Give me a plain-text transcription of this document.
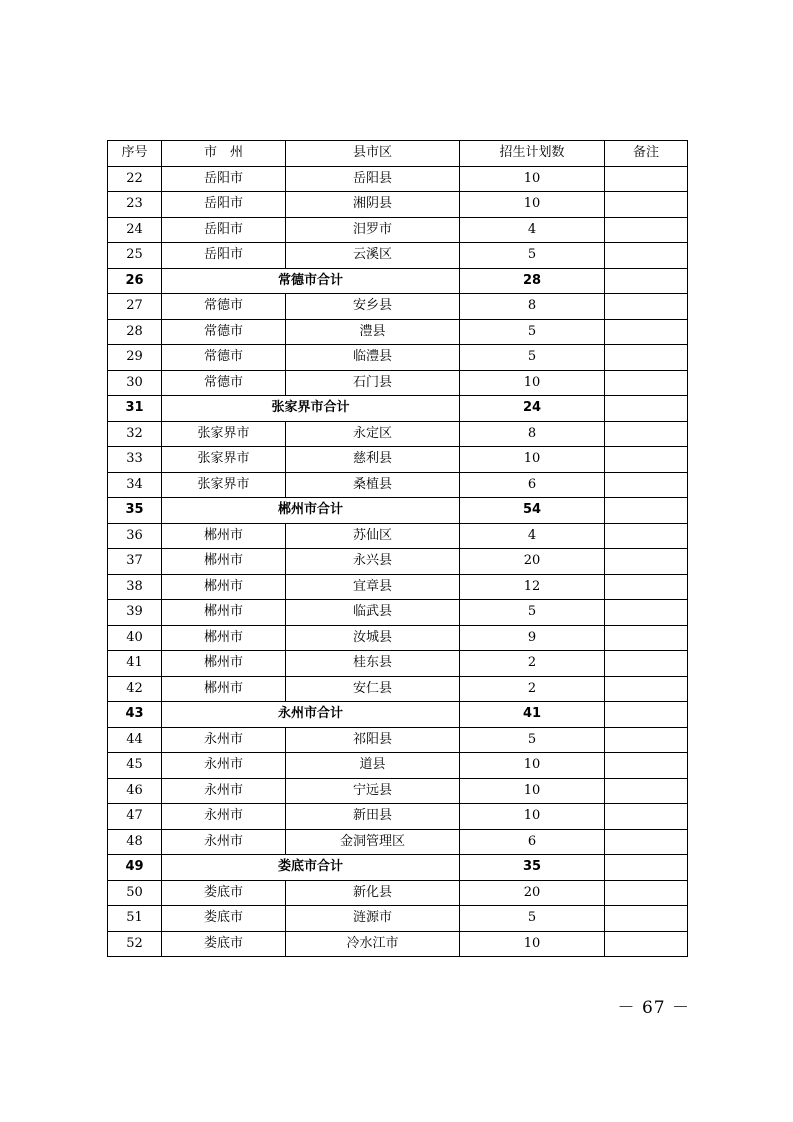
序号	市　州	县市区	招生计划数	备注
22	岳阳市	岳阳县	10	
23	岳阳市	湘阴县	10	
24	岳阳市	汨罗市	4	
25	岳阳市	云溪区	5	
26	常德市合计		28	
27	常德市	安乡县	8	
28	常德市	澧县	5	
29	常德市	临澧县	5	
30	常德市	石门县	10	
31	张家界市合计		24	
32	张家界市	永定区	8	
33	张家界市	慈利县	10	
34	张家界市	桑植县	6	
35	郴州市合计		54	
36	郴州市	苏仙区	4	
37	郴州市	永兴县	20	
38	郴州市	宜章县	12	
39	郴州市	临武县	5	
40	郴州市	汝城县	9	
41	郴州市	桂东县	2	
42	郴州市	安仁县	2	
43	永州市合计		41	
44	永州市	祁阳县	5	
45	永州市	道县	10	
46	永州市	宁远县	10	
47	永州市	新田县	10	
48	永州市	金洞管理区	6	
49	娄底市合计		35	
50	娄底市	新化县	20	
51	娄底市	涟源市	5	
52	娄底市	冷水江市	10	
－ 67 －
